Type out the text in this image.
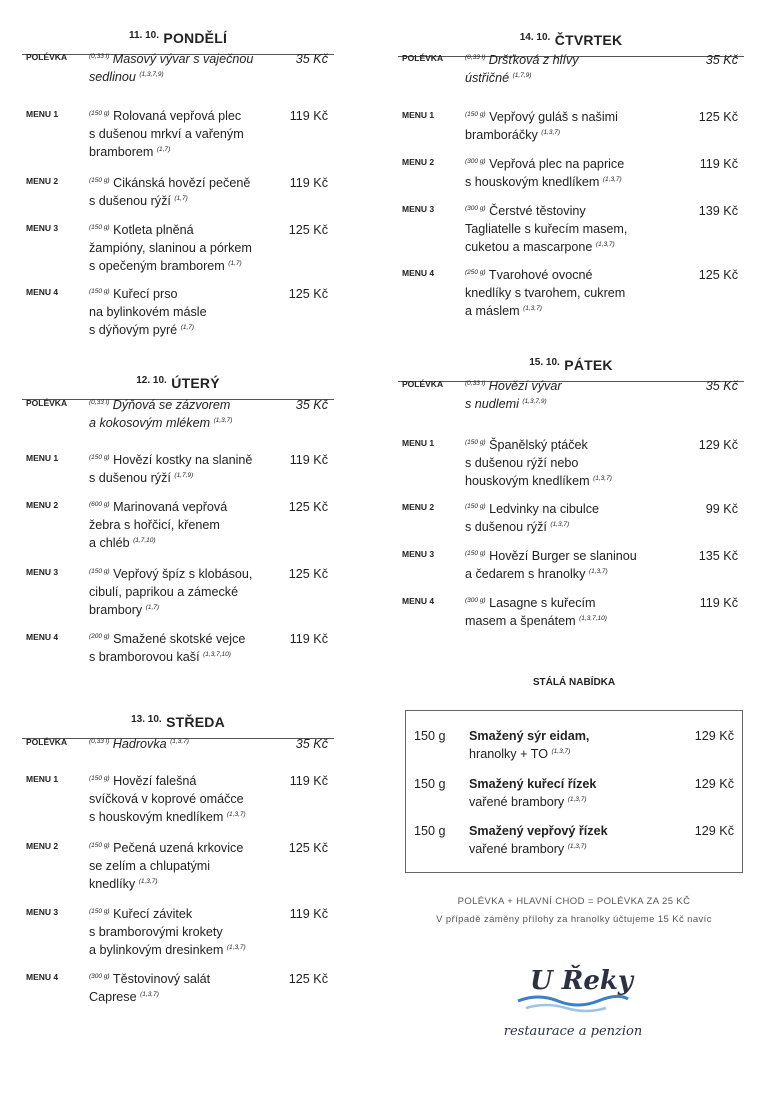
$^{11. 10.}$ PONDĚLÍ
POLÉVKA	$^{(0,33 l)}$ Masový vývar s vaječnou
sedlinou $^{(1,3,7,9)}$
35 Kč
MENU 1	$^{(150 g)}$ Rolovaná vepřová plec
s dušenou mrkví a vařeným
bramborem $^{(1,7)}$
119 Kč
MENU 2	$^{(150 g)}$ Cikánská hovězí pečeně
s dušenou rýží $^{(1,7)}$
119 Kč
MENU 3	$^{(150 g)}$ Kotleta plněná
žampióny, slaninou a pórkem
s opečeným bramborem $^{(1,7)}$
125 Kč
MENU 4	$^{(150 g)}$ Kuřecí prso
na bylinkovém másle
s dýňovým pyré $^{(1,7)}$
125 Kč
$^{12. 10.}$ ÚTERÝ
POLÉVKA	$^{(0,33 l)}$ Dýňová se zázvorem
a kokosovým mlékem $^{(1,3,7)}$
35 Kč
MENU 1	$^{(150 g)}$ Hovězí kostky na slanině
s dušenou rýží $^{(1,7,9)}$
119 Kč
MENU 2	$^{(600 g)}$ Marinovaná vepřová
žebra s hořčicí, křenem
a chléb $^{(1,7,10)}$
125 Kč
MENU 3	$^{(150 g)}$ Vepřový špíz s klobásou,
cibulí, paprikou a zámecké
brambory $^{(1,7)}$
125 Kč
MENU 4	$^{(200 g)}$ Smažené skotské vejce
s bramborovou kaší $^{(1,3,7,10)}$
119 Kč
$^{13. 10.}$ STŘEDA
POLÉVKA	$^{(0,33 l)}$ Hadrovka $^{(1,3,7)}$	35 Kč
MENU 1	$^{(150 g)}$ Hovězí falešná
svíčková v koprové omáčce
s houskovým knedlíkem $^{(1,3,7)}$
119 Kč
MENU 2	$^{(150 g)}$ Pečená uzená krkovice
se zelím a chlupatými
knedlíky $^{(1,3,7)}$
125 Kč
MENU 3	$^{(150 g)}$ Kuřecí závitek
s bramborovými krokety
a bylinkovým dresinkem $^{(1,3,7)}$
119 Kč
MENU 4	$^{(300 g)}$ Těstovinový salát
Caprese $^{(1,3,7)}$
125 Kč
$^{14. 10.}$ ČTVRTEK
POLÉVKA	$^{(0,33 l)}$ Dršťková z hlívy
ústřičné $^{(1,7,9)}$
35 Kč
MENU 1	$^{(150 g)}$ Vepřový guláš s našimi
bramboráčky $^{(1,3,7)}$
125 Kč
MENU 2	$^{(300 g)}$ Vepřová plec na paprice
s houskovým knedlíkem $^{(1,3,7)}$
119 Kč
MENU 3	$^{(300 g)}$ Čerstvé těstoviny
Tagliatelle s kuřecím masem,
cuketou a mascarpone $^{(1,3,7)}$
139 Kč
MENU 4	$^{(250 g)}$ Tvarohové ovocné
knedlíky s tvarohem, cukrem
a máslem $^{(1,3,7)}$
125 Kč
$^{15. 10.}$ PÁTEK
POLÉVKA	$^{(0,33 l)}$ Hovězí vývar
s nudlemi $^{(1,3,7,9)}$
35 Kč
MENU 1	$^{(150 g)}$ Španělský ptáček
s dušenou rýží nebo
houskovým knedlíkem $^{(1,3,7)}$
129 Kč
MENU 2	$^{(150 g)}$ Ledvinky na cibulce
s dušenou rýží $^{(1,3,7)}$
99 Kč
MENU 3	$^{(150 g)}$ Hovězí Burger se slaninou
a čedarem s hranolky $^{(1,3,7)}$
135 Kč
MENU 4	$^{(300 g)}$ Lasagne s kuřecím
masem a špenátem $^{(1,3,7,10)}$
119 Kč
STÁLÁ NABÍDKA
150 g Smažený sýr eidam,
hranolky + TO $^{(1,3,7)}$
129 Kč
150 g Smažený kuřecí řízek
vařené brambory $^{(1,3,7)}$
129 Kč
150 g Smažený vepřový řízek
vařené brambory $^{(1,3,7)}$
129 Kč
POLÉVKA + HLAVNÍ CHOD = POLÉVKA ZA 25 KČ
V případě záměny přílohy za hranolky účtujeme 15 Kč navíc
U Řeky
restaurace a penzion
